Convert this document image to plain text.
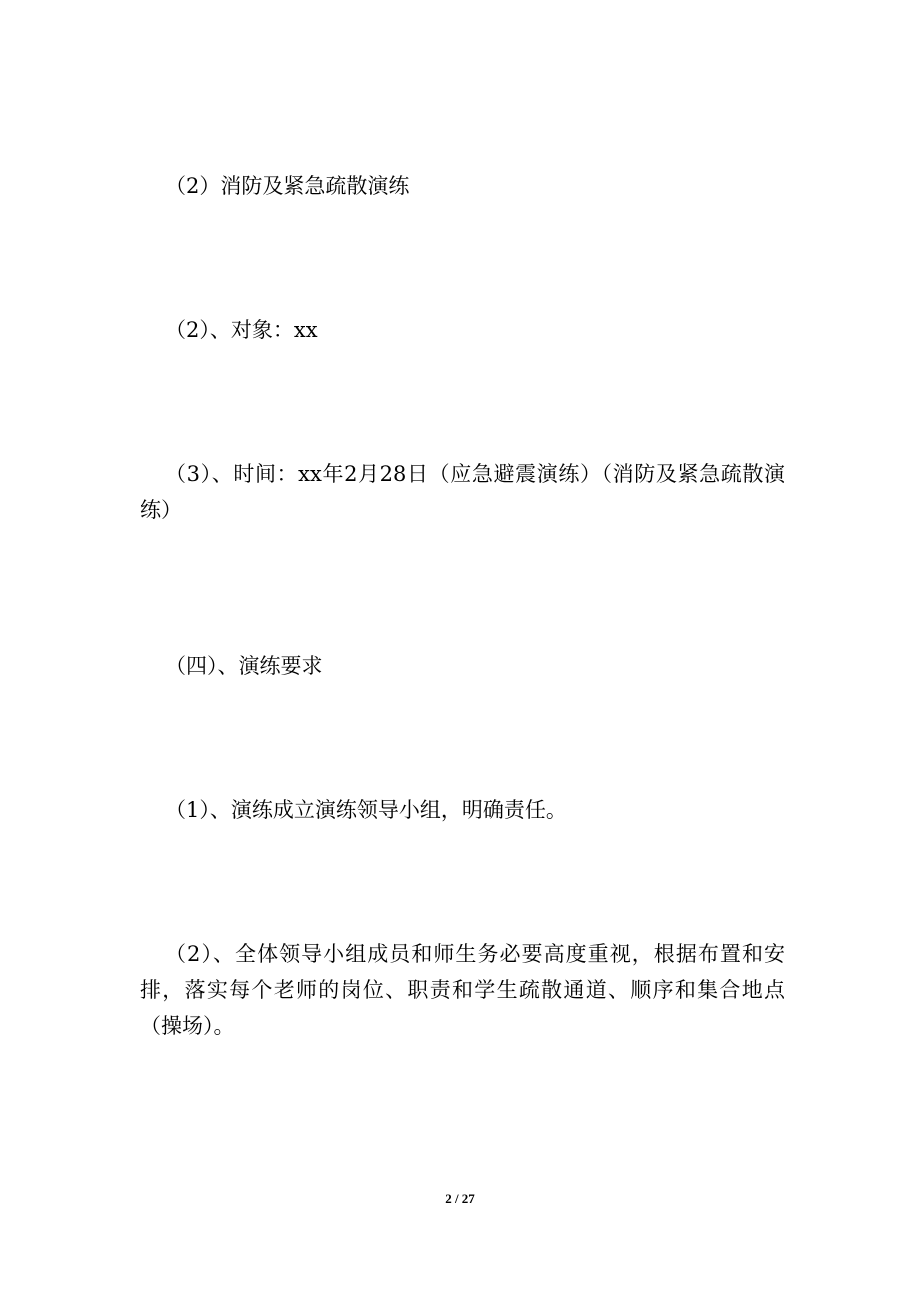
（2）消防及紧急疏散演练

（2）、对象：xx

（3）、时间：xx年2月28日（应急避震演练）（消防及紧急疏散演练）

（四）、演练要求

（1）、演练成立演练领导小组，明确责任。

（2）、全体领导小组成员和师生务必要高度重视，根据布置和安排，落实每个老师的岗位、职责和学生疏散通道、顺序和集合地点（操场）。

2 / 27
